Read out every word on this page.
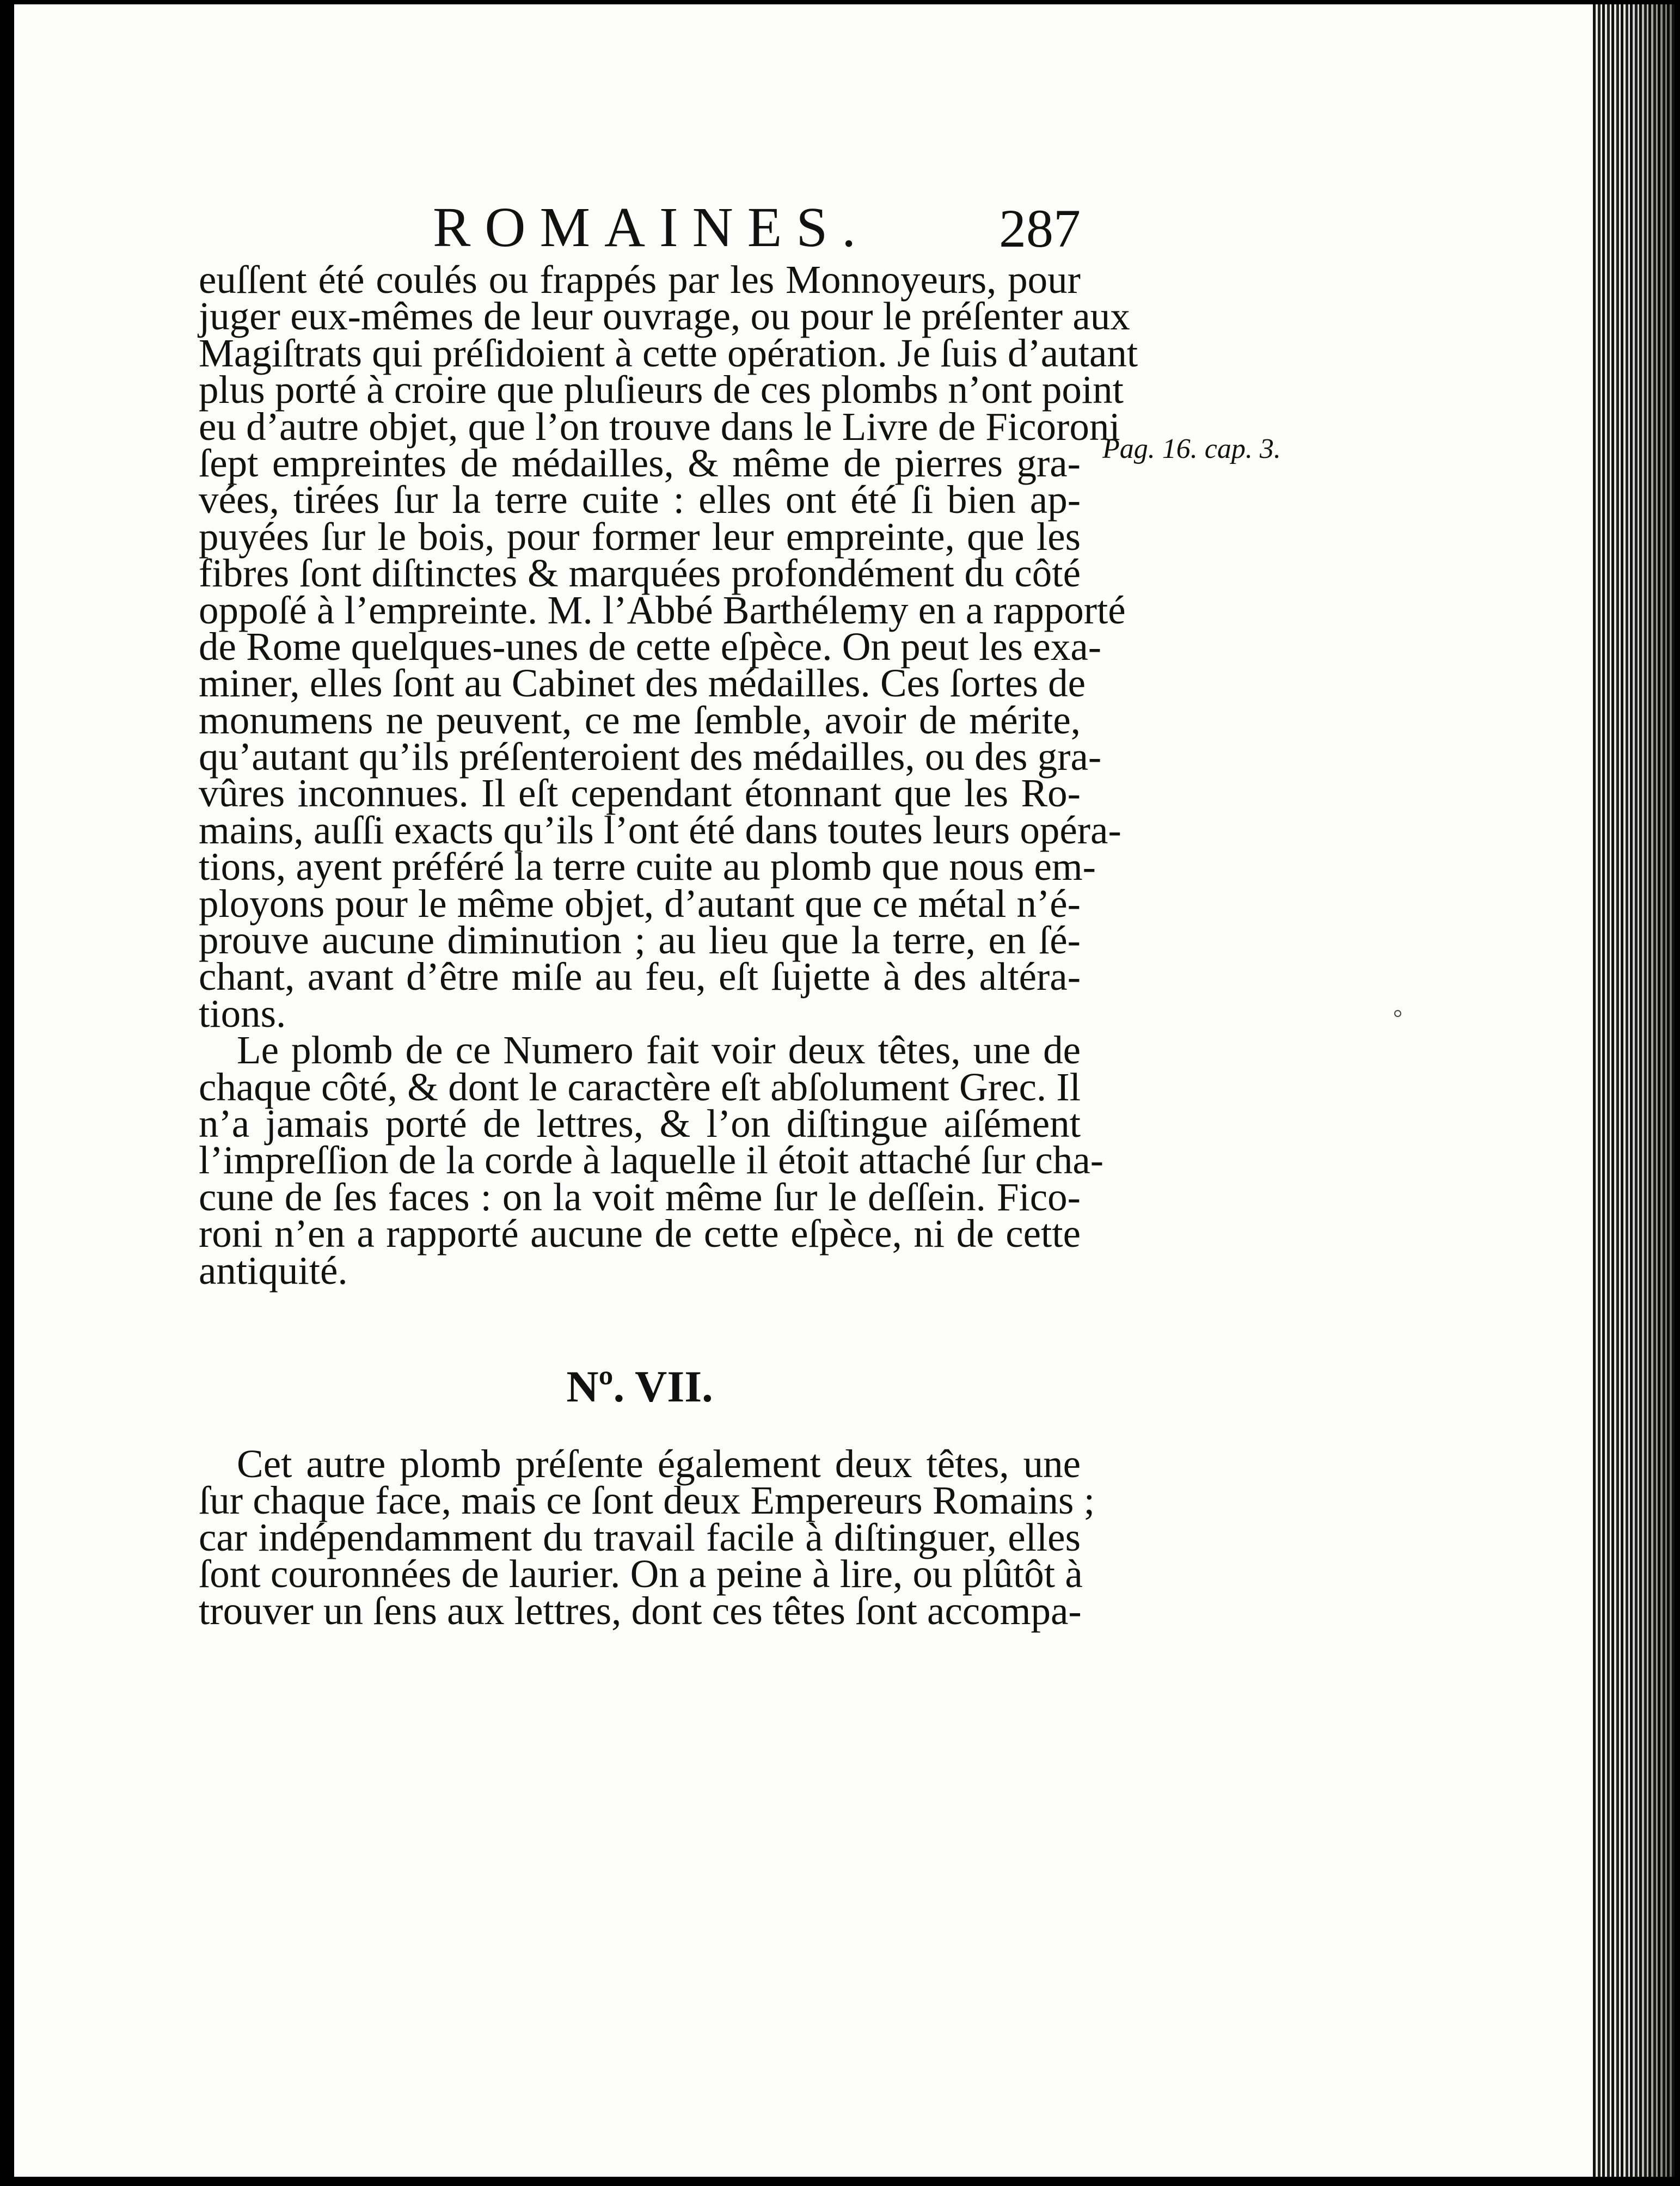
ROMAINES. 287
Pag. 16. cap. 3.
euſſent été coulés ou frappés par les Monnoyeurs, pour
juger eux-mêmes de leur ouvrage, ou pour le préſenter aux
Magiſtrats qui préſidoient à cette opération. Je ſuis d’autant
plus porté à croire que pluſieurs de ces plombs n’ont point
eu d’autre objet, que l’on trouve dans le Livre de Ficoroni
ſept empreintes de médailles, & même de pierres gra-
vées, tirées ſur la terre cuite : elles ont été ſi bien ap-
puyées ſur le bois, pour former leur empreinte, que les
fibres ſont diſtinctes & marquées profondément du côté
oppoſé à l’empreinte. M. l’Abbé Barthélemy en a rapporté
de Rome quelques-unes de cette eſpèce. On peut les exa-
miner, elles ſont au Cabinet des médailles. Ces ſortes de
monumens ne peuvent, ce me ſemble, avoir de mérite,
qu’autant qu’ils préſenteroient des médailles, ou des gra-
vûres inconnues. Il eſt cependant étonnant que les Ro-
mains, auſſi exacts qu’ils l’ont été dans toutes leurs opéra-
tions, ayent préféré la terre cuite au plomb que nous em-
ployons pour le même objet, d’autant que ce métal n’é-
prouve aucune diminution ; au lieu que la terre, en ſé-
chant, avant d’être miſe au feu, eſt ſujette à des altéra-
tions.
Le plomb de ce Numero fait voir deux têtes, une de
chaque côté, & dont le caractère eſt abſolument Grec. Il
n’a jamais porté de lettres, & l’on diſtingue aiſément
l’impreſſion de la corde à laquelle il étoit attaché ſur cha-
cune de ſes faces : on la voit même ſur le deſſein. Fico-
roni n’en a rapporté aucune de cette eſpèce, ni de cette
antiquité.
Nº. VII.
Cet autre plomb préſente également deux têtes, une
ſur chaque face, mais ce ſont deux Empereurs Romains ;
car indépendamment du travail facile à diſtinguer, elles
ſont couronnées de laurier. On a peine à lire, ou plûtôt à
trouver un ſens aux lettres, dont ces têtes ſont accompa-
